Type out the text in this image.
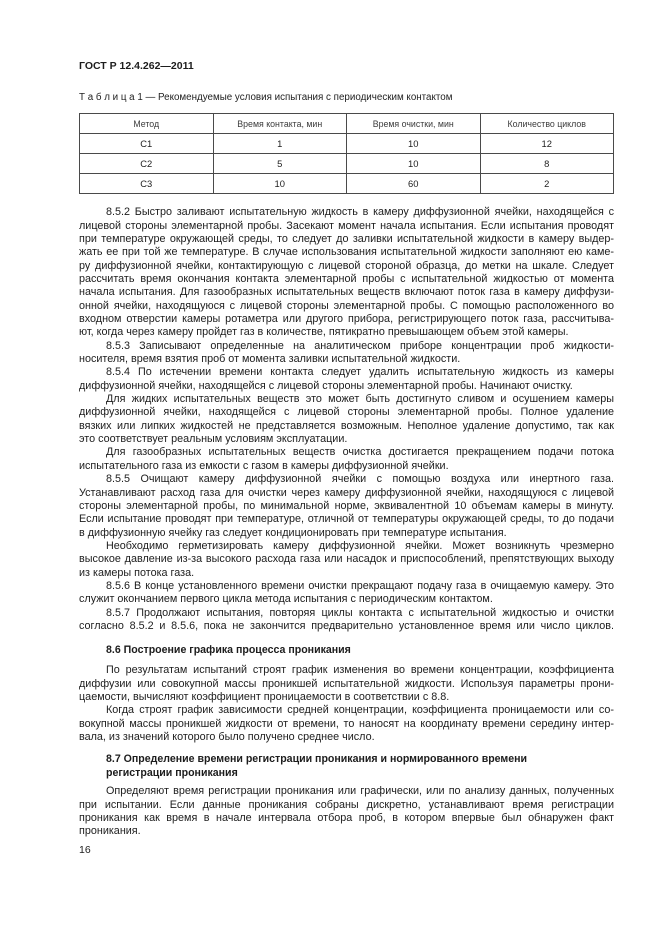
ГОСТ Р 12.4.262—2011
Т а б л и ц а 1 — Рекомендуемые условия испытания с периодическим контактом
Метод	Время контакта, мин	Время очистки, мин	Количество циклов
С1	1	10	12
С2	5	10	8
С3	10	60	2
8.5.2 Быстро заливают испытательную жидкость в камеру диффузионной ячейки, находящейся с
лицевой стороны элементарной пробы. Засекают момент начала испытания. Если испытания проводят
при температуре окружающей среды, то следует до заливки испытательной жидкости в камеру выдер-
жать ее при той же температуре. В случае использования испытательной жидкости заполняют ею каме-
ру диффузионной ячейки, контактирующую с лицевой стороной образца, до метки на шкале. Следует
рассчитать время окончания контакта элементарной пробы с испытательной жидкостью от момента
начала испытания. Для газообразных испытательных веществ включают поток газа в камеру диффузи-
онной ячейки, находящуюся с лицевой стороны элементарной пробы. С помощью расположенного во
входном отверстии камеры ротаметра или другого прибора, регистрирующего поток газа, рассчитыва-
ют, когда через камеру пройдет газ в количестве, пятикратно превышающем объем этой камеры.
8.5.3 Записывают определенные на аналитическом приборе концентрации проб жидкости-
носителя, время взятия проб от момента заливки испытательной жидкости.
8.5.4 По истечении времени контакта следует удалить испытательную жидкость из камеры
диффузионной ячейки, находящейся с лицевой стороны элементарной пробы. Начинают очистку.
Для жидких испытательных веществ это может быть достигнуто сливом и осушением камеры
диффузионной ячейки, находящейся с лицевой стороны элементарной пробы. Полное удаление
вязких или липких жидкостей не представляется возможным. Неполное удаление допустимо, так как
это соответствует реальным условиям эксплуатации.
Для газообразных испытательных веществ очистка достигается прекращением подачи потока
испытательного газа из емкости с газом в камеры диффузионной ячейки.
8.5.5 Очищают камеру диффузионной ячейки с помощью воздуха или инертного газа.
Устанавливают расход газа для очистки через камеру диффузионной ячейки, находящуюся с лицевой
стороны элементарной пробы, по минимальной норме, эквивалентной 10 объемам камеры в минуту.
Если испытание проводят при температуре, отличной от температуры окружающей среды, то до подачи
в диффузионную ячейку газ следует кондиционировать при температуре испытания.
Необходимо герметизировать камеру диффузионной ячейки. Может возникнуть чрезмерно
высокое давление из-за высокого расхода газа или насадок и приспособлений, препятствующих выходу
из камеры потока газа.
8.5.6 В конце установленного времени очистки прекращают подачу газа в очищаемую камеру. Это
служит окончанием первого цикла метода испытания с периодическим контактом.
8.5.7 Продолжают испытания, повторяя циклы контакта с испытательной жидкостью и очистки
согласно 8.5.2 и 8.5.6, пока не закончится предварительно установленное время или число циклов.
8.6 Построение графика процесса проникания
По результатам испытаний строят график изменения во времени концентрации, коэффициента
диффузии или совокупной массы проникшей испытательной жидкости. Используя параметры прони-
цаемости, вычисляют коэффициент проницаемости в соответствии с 8.8.
Когда строят график зависимости средней концентрации, коэффициента проницаемости или со-
вокупной массы проникшей жидкости от времени, то наносят на координату времени середину интер-
вала, из значений которого было получено среднее число.
8.7 Определение времени регистрации проникания и нормированного времени
регистрации проникания
Определяют время регистрации проникания или графически, или по анализу данных, полученных
при испытании. Если данные проникания собраны дискретно, устанавливают время регистрации
проникания как время в начале интервала отбора проб, в котором впервые был обнаружен факт
проникания.
16
